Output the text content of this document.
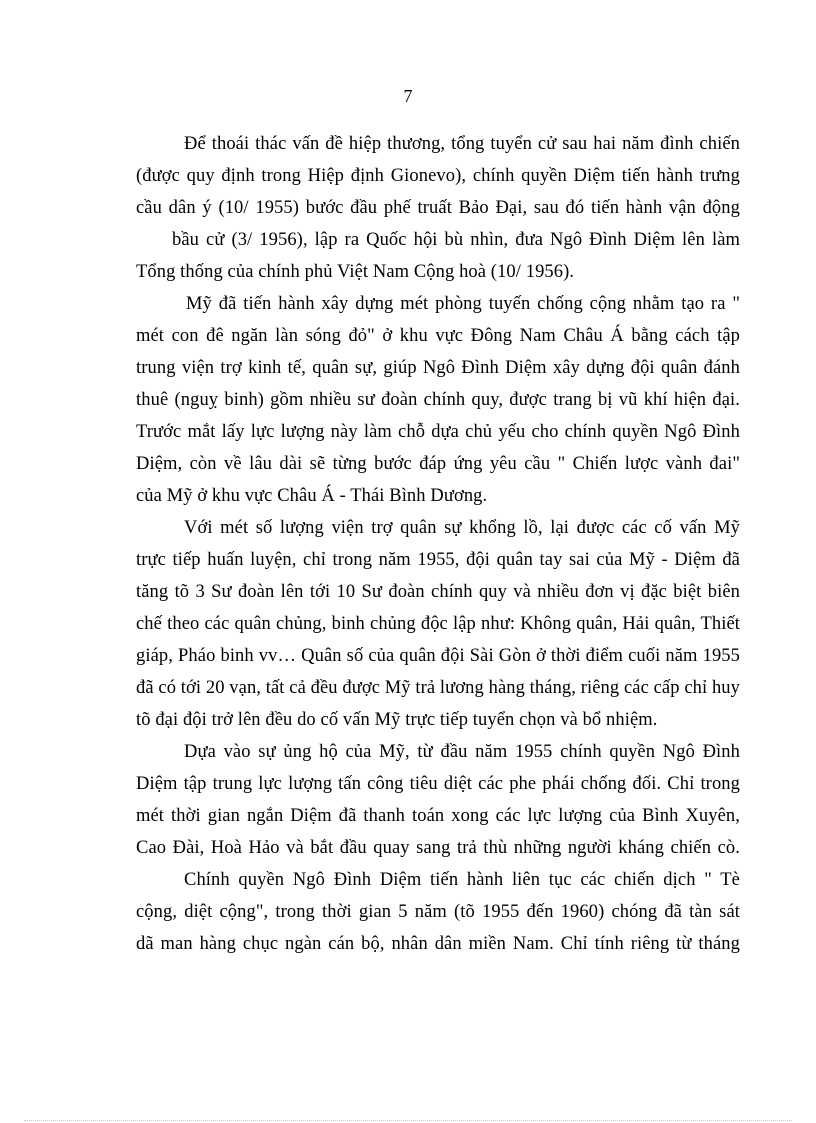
7
Để thoái thác vấn đề hiệp thương, tổng tuyển cử sau hai năm đình chiến
(được quy định trong Hiệp định Gionevo), chính quyền Diệm tiến hành trưng
cầu dân ý (10/ 1955) bước đầu phế truất Bảo Đại, sau đó tiến hành vận động
bầu cử (3/ 1956), lập ra Quốc hội bù nhìn, đưa Ngô Đình Diệm lên làm
Tổng thống của chính phủ Việt Nam Cộng hoà (10/ 1956).
Mỹ đã tiến hành xây dựng mét phòng tuyến chống cộng nhằm tạo ra "
mét con đê ngăn làn sóng đỏ" ở khu vực Đông Nam Châu Á bằng cách tập
trung viện trợ kinh tế, quân sự, giúp Ngô Đình Diệm xây dựng đội quân đánh
thuê (nguỵ binh) gồm nhiều sư đoàn chính quy, được trang bị vũ khí hiện đại.
Trước mắt lấy lực lượng này làm chỗ dựa chủ yếu cho chính quyền Ngô Đình
Diệm, còn về lâu dài sẽ từng bước đáp ứng yêu cầu " Chiến lược vành đai"
của Mỹ ở khu vực Châu Á - Thái Bình Dương.
Với mét số lượng viện trợ quân sự khổng lồ, lại được các cố vấn Mỹ
trực tiếp huấn luyện, chỉ trong năm 1955, đội quân tay sai của Mỹ - Diệm đã
tăng tõ 3 Sư đoàn lên tới 10 Sư đoàn chính quy và nhiều đơn vị đặc biệt biên
chế theo các quân chủng, binh chủng độc lập như: Không quân, Hải quân, Thiết
giáp, Pháo binh vv… Quân số của quân đội Sài Gòn ở thời điểm cuối năm 1955
đã có tới 20 vạn, tất cả đều được Mỹ trả lương hàng tháng, riêng các cấp chỉ huy
tõ đại đội trở lên đều do cố vấn Mỹ trực tiếp tuyển chọn và bổ nhiệm.
Dựa vào sự ủng hộ của Mỹ, từ đầu năm 1955 chính quyền Ngô Đình
Diệm tập trung lực lượng tấn công tiêu diệt các phe phái chống đối. Chỉ trong
mét thời gian ngắn Diệm đã thanh toán xong các lực lượng của Bình Xuyên,
Cao Đài, Hoà Hảo và bắt đầu quay sang trả thù những người kháng chiến cò.
Chính quyền Ngô Đình Diệm tiến hành liên tục các chiến dịch " Tè
cộng, diệt cộng", trong thời gian 5 năm (tõ 1955 đến 1960) chóng đã tàn sát
dã man hàng chục ngàn cán bộ, nhân dân miền Nam. Chỉ tính riêng từ tháng
